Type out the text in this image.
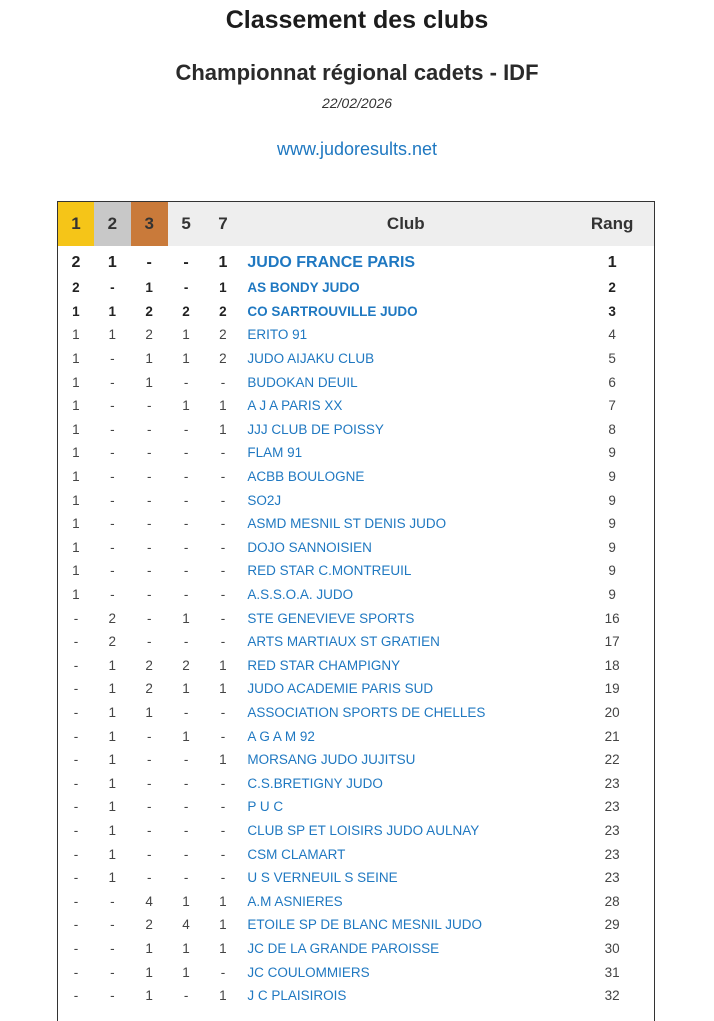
Classement des clubs
Championnat régional cadets - IDF
22/02/2026
www.judoresults.net
1	2	3	5	7	Club	Rang
2	1	-	-	1	JUDO FRANCE PARIS	1
2	-	1	-	1	AS BONDY JUDO	2
1	1	2	2	2	CO SARTROUVILLE JUDO	3
1	1	2	1	2	ERITO 91	4
1	-	1	1	2	JUDO AIJAKU CLUB	5
1	-	1	-	-	BUDOKAN DEUIL	6
1	-	-	1	1	A J A PARIS XX	7
1	-	-	-	1	JJJ CLUB DE POISSY	8
1	-	-	-	-	FLAM 91	9
1	-	-	-	-	ACBB BOULOGNE	9
1	-	-	-	-	SO2J	9
1	-	-	-	-	ASMD MESNIL ST DENIS JUDO	9
1	-	-	-	-	DOJO SANNOISIEN	9
1	-	-	-	-	RED STAR C.MONTREUIL	9
1	-	-	-	-	A.S.S.O.A. JUDO	9
-	2	-	1	-	STE GENEVIEVE SPORTS	16
-	2	-	-	-	ARTS MARTIAUX ST GRATIEN	17
-	1	2	2	1	RED STAR CHAMPIGNY	18
-	1	2	1	1	JUDO ACADEMIE PARIS SUD	19
-	1	1	-	-	ASSOCIATION SPORTS DE CHELLES	20
-	1	-	1	-	A G A M 92	21
-	1	-	-	1	MORSANG JUDO JUJITSU	22
-	1	-	-	-	C.S.BRETIGNY JUDO	23
-	1	-	-	-	P U C	23
-	1	-	-	-	CLUB SP ET LOISIRS JUDO AULNAY	23
-	1	-	-	-	CSM CLAMART	23
-	1	-	-	-	U S VERNEUIL S SEINE	23
-	-	4	1	1	A.M ASNIERES	28
-	-	2	4	1	ETOILE SP DE BLANC MESNIL JUDO	29
-	-	1	1	1	JC DE LA GRANDE PAROISSE	30
-	-	1	1	-	JC COULOMMIERS	31
-	-	1	-	1	J C PLAISIROIS	32
